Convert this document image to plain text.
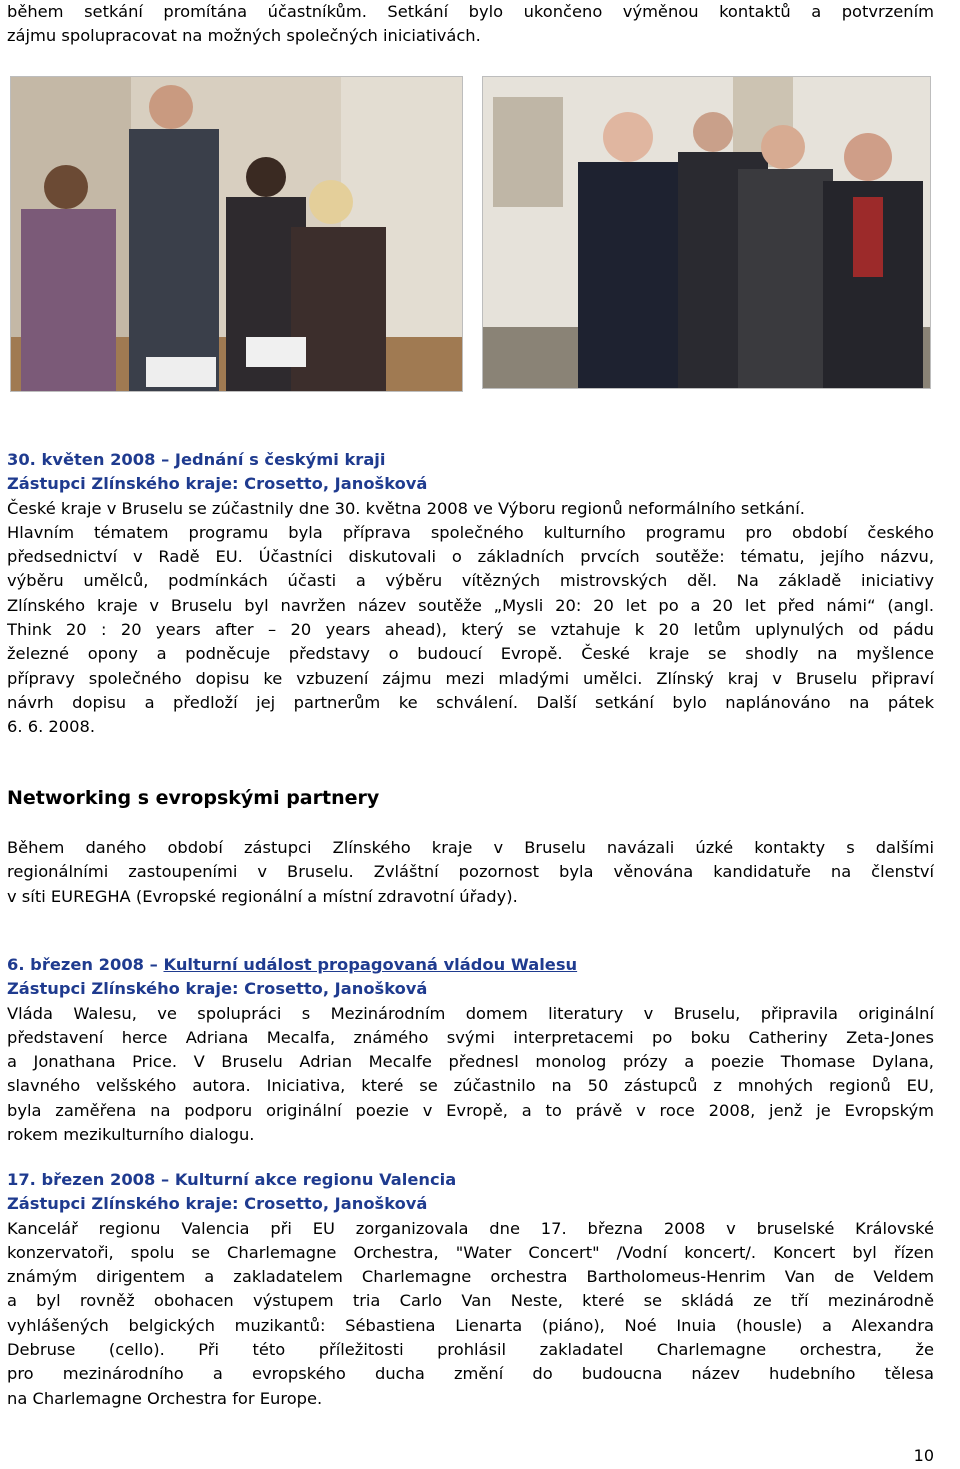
během setkání promítána účastníkům. Setkání bylo ukončeno výměnou kontaktů a potvrzením
zájmu spolupracovat na možných společných iniciativách.
30. květen 2008 – Jednání s českými kraji
Zástupci Zlínského kraje: Crosetto, Janošková
České kraje v Bruselu se zúčastnily dne 30. května 2008 ve Výboru regionů neformálního setkání.
Hlavním tématem programu byla příprava společného kulturního programu pro období českého
předsednictví v Radě EU. Účastníci diskutovali o základních prvcích soutěže: tématu, jejího názvu,
výběru umělců, podmínkách účasti a výběru vítězných mistrovských děl. Na základě iniciativy
Zlínského kraje v Bruselu byl navržen název soutěže „Mysli 20: 20 let po a 20 let před námi“ (angl.
Think 20 : 20 years after – 20 years ahead), který se vztahuje k 20 letům uplynulých od pádu
železné opony a podněcuje představy o budoucí Evropě. České kraje se shodly na myšlence
přípravy společného dopisu ke vzbuzení zájmu mezi mladými umělci. Zlínský kraj v Bruselu připraví
návrh dopisu a předloží jej partnerům ke schválení. Další setkání bylo naplánováno na pátek
6. 6. 2008.
Networking s evropskými partnery
Během daného období zástupci Zlínského kraje v Bruselu navázali úzké kontakty s dalšími
regionálními zastoupeními v Bruselu. Zvláštní pozornost byla věnována kandidatuře na členství
v síti EUREGHA (Evropské regionální a místní zdravotní úřady).
6. březen 2008 – Kulturní událost propagovaná vládou Walesu
Zástupci Zlínského kraje: Crosetto, Janošková
Vláda Walesu, ve spolupráci s Mezinárodním domem literatury v Bruselu, připravila originální
představení herce Adriana Mecalfa, známého svými interpretacemi po boku Catheriny Zeta-Jones
a Jonathana Price. V Bruselu Adrian Mecalfe přednesl monolog prózy a poezie Thomase Dylana,
slavného velšského autora. Iniciativa, které se zúčastnilo na 50 zástupců z mnohých regionů EU,
byla zaměřena na podporu originální poezie v Evropě, a to právě v roce 2008, jenž je Evropským
rokem mezikulturního dialogu.
17. březen 2008 – Kulturní akce regionu Valencia
Zástupci Zlínského kraje: Crosetto, Janošková
Kancelář regionu Valencia při EU zorganizovala dne 17. března 2008 v bruselské Královské
konzervatoři, spolu se Charlemagne Orchestra, "Water Concert" /Vodní koncert/. Koncert byl řízen
známým dirigentem a zakladatelem Charlemagne orchestra Bartholomeus-Henrim Van de Veldem
a byl rovněž obohacen výstupem tria Carlo Van Neste, které se skládá ze tří mezinárodně
vyhlášených belgických muzikantů: Sébastiena Lienarta (piáno), Noé Inuia (housle) a Alexandra
Debruse (cello). Při této příležitosti prohlásil zakladatel Charlemagne orchestra, že
pro mezinárodního a evropského ducha změní do budoucna název hudebního tělesa
na Charlemagne Orchestra for Europe.
10
